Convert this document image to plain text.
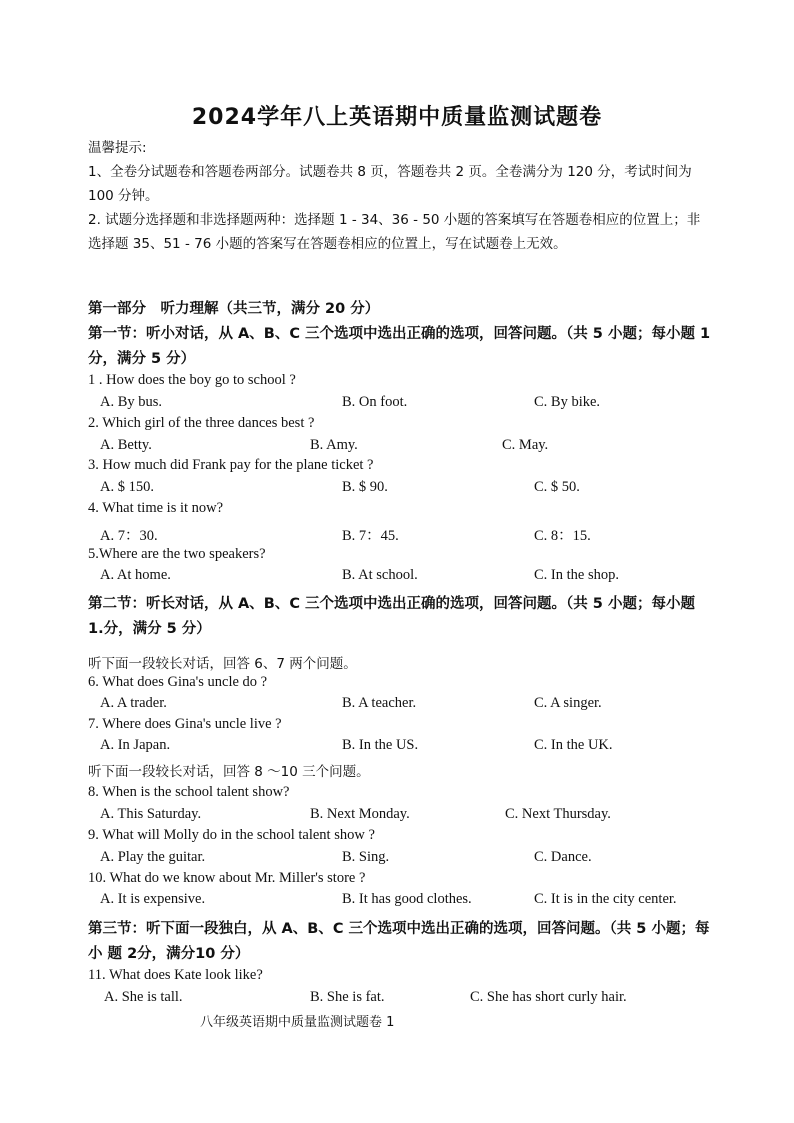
2024学年八上英语期中质量监测试题卷

温馨提示:

1、全卷分试题卷和答题卷两部分。试题卷共 8 页，答题卷共 2 页。全卷满分为 120 分，考试时间为 100 分钟。

2. 试题分选择题和非选择题两种：选择题 1 - 34、36 - 50 小题的答案填写在答题卷相应的位置上；非选择题 35、51 - 76 小题的答案写在答题卷相应的位置上，写在试题卷上无效。

第一部分　听力理解（共三节，满分 20 分）
第一节：听小对话，从 A、B、C 三个选项中选出正确的选项，回答问题。（共 5 小题；每小题 1 分，满分 5 分）
1 . How does the boy go to school ?
A. By bus.	B. On foot.	C. By bike.
2. Which girl of the three dances best ?
A. Betty.	B. Amy.	C. May.
3. How much did Frank pay for the plane ticket ?
A. $ 150.	B. $ 90.	C. $ 50.
4. What time is it now?
A. 7：30.	B. 7：45.	C. 8：15.
5.Where are the two speakers?
A. At home.	B. At school.	C. In the shop.
第二节：听长对话，从 A、B、C 三个选项中选出正确的选项，回答问题。（共 5 小题；每小题 1.分，满分 5 分）
听下面一段较长对话，回答 6、7 两个问题。
6. What does Gina's uncle do ?
A. A trader.	B. A teacher.	C. A singer.
7. Where does Gina's uncle live ?
A. In Japan.	B. In the US.	C. In the UK.
听下面一段较长对话，回答 8 ～10 三个问题。
8. When is the school talent show?
A. This Saturday.	B. Next Monday.	C. Next Thursday.
9. What will Molly do in the school talent show ?
A. Play the guitar.	B. Sing.	C. Dance.
10. What do we know about Mr. Miller's store ?
A. It is expensive.	B. It has good clothes.	C. It is in the city center.
第三节：听下面一段独白，从 A、B、C 三个选项中选出正确的选项，回答问题。（共 5 小题；每小 题 2分，满分10 分）
11. What does Kate look like?
A. She is tall.	B. She is fat.	C. She has short curly hair.
八年级英语期中质量监测试题卷 1
